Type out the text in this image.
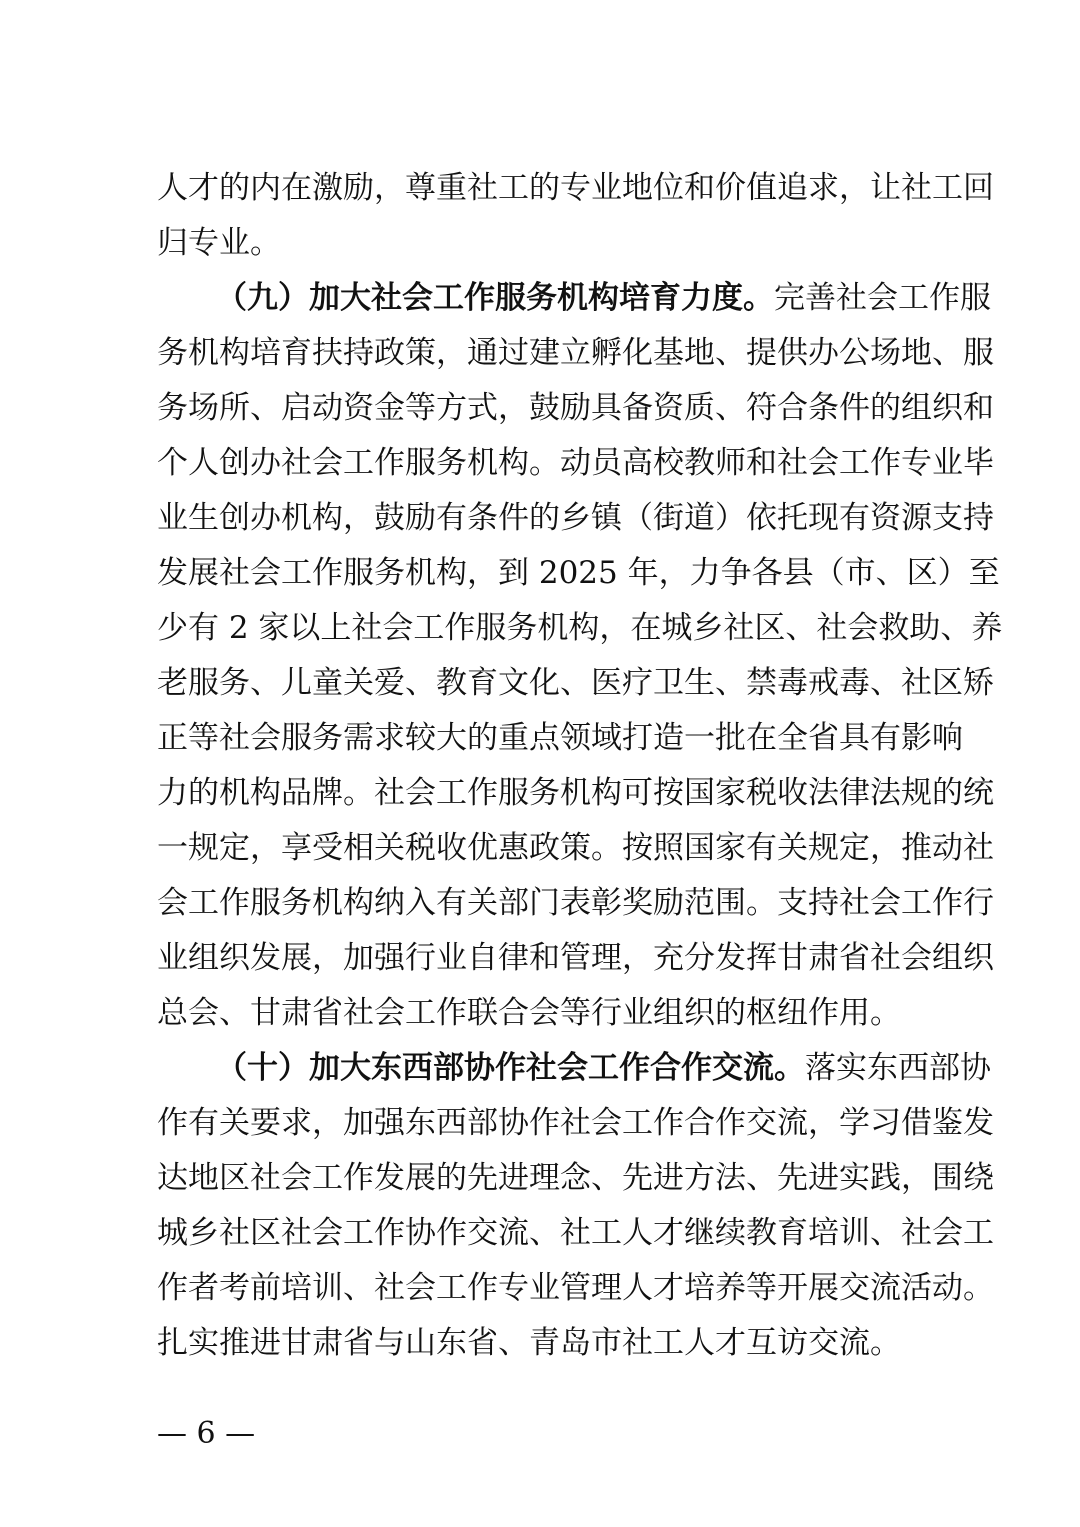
人才的内在激励，尊重社工的专业地位和价值追求，让社工回
归专业。
（九）加大社会工作服务机构培育力度。完善社会工作服
务机构培育扶持政策，通过建立孵化基地、提供办公场地、服
务场所、启动资金等方式，鼓励具备资质、符合条件的组织和
个人创办社会工作服务机构。动员高校教师和社会工作专业毕
业生创办机构，鼓励有条件的乡镇（街道）依托现有资源支持
发展社会工作服务机构，到 2025 年，力争各县（市、区）至
少有 2 家以上社会工作服务机构，在城乡社区、社会救助、养
老服务、儿童关爱、教育文化、医疗卫生、禁毒戒毒、社区矫
正等社会服务需求较大的重点领域打造一批在全省具有影响
力的机构品牌。社会工作服务机构可按国家税收法律法规的统
一规定，享受相关税收优惠政策。按照国家有关规定，推动社
会工作服务机构纳入有关部门表彰奖励范围。支持社会工作行
业组织发展，加强行业自律和管理，充分发挥甘肃省社会组织
总会、甘肃省社会工作联合会等行业组织的枢纽作用。
（十）加大东西部协作社会工作合作交流。落实东西部协
作有关要求，加强东西部协作社会工作合作交流，学习借鉴发
达地区社会工作发展的先进理念、先进方法、先进实践，围绕
城乡社区社会工作协作交流、社工人才继续教育培训、社会工
作者考前培训、社会工作专业管理人才培养等开展交流活动。
扎实推进甘肃省与山东省、青岛市社工人才互访交流。
— 6 —
